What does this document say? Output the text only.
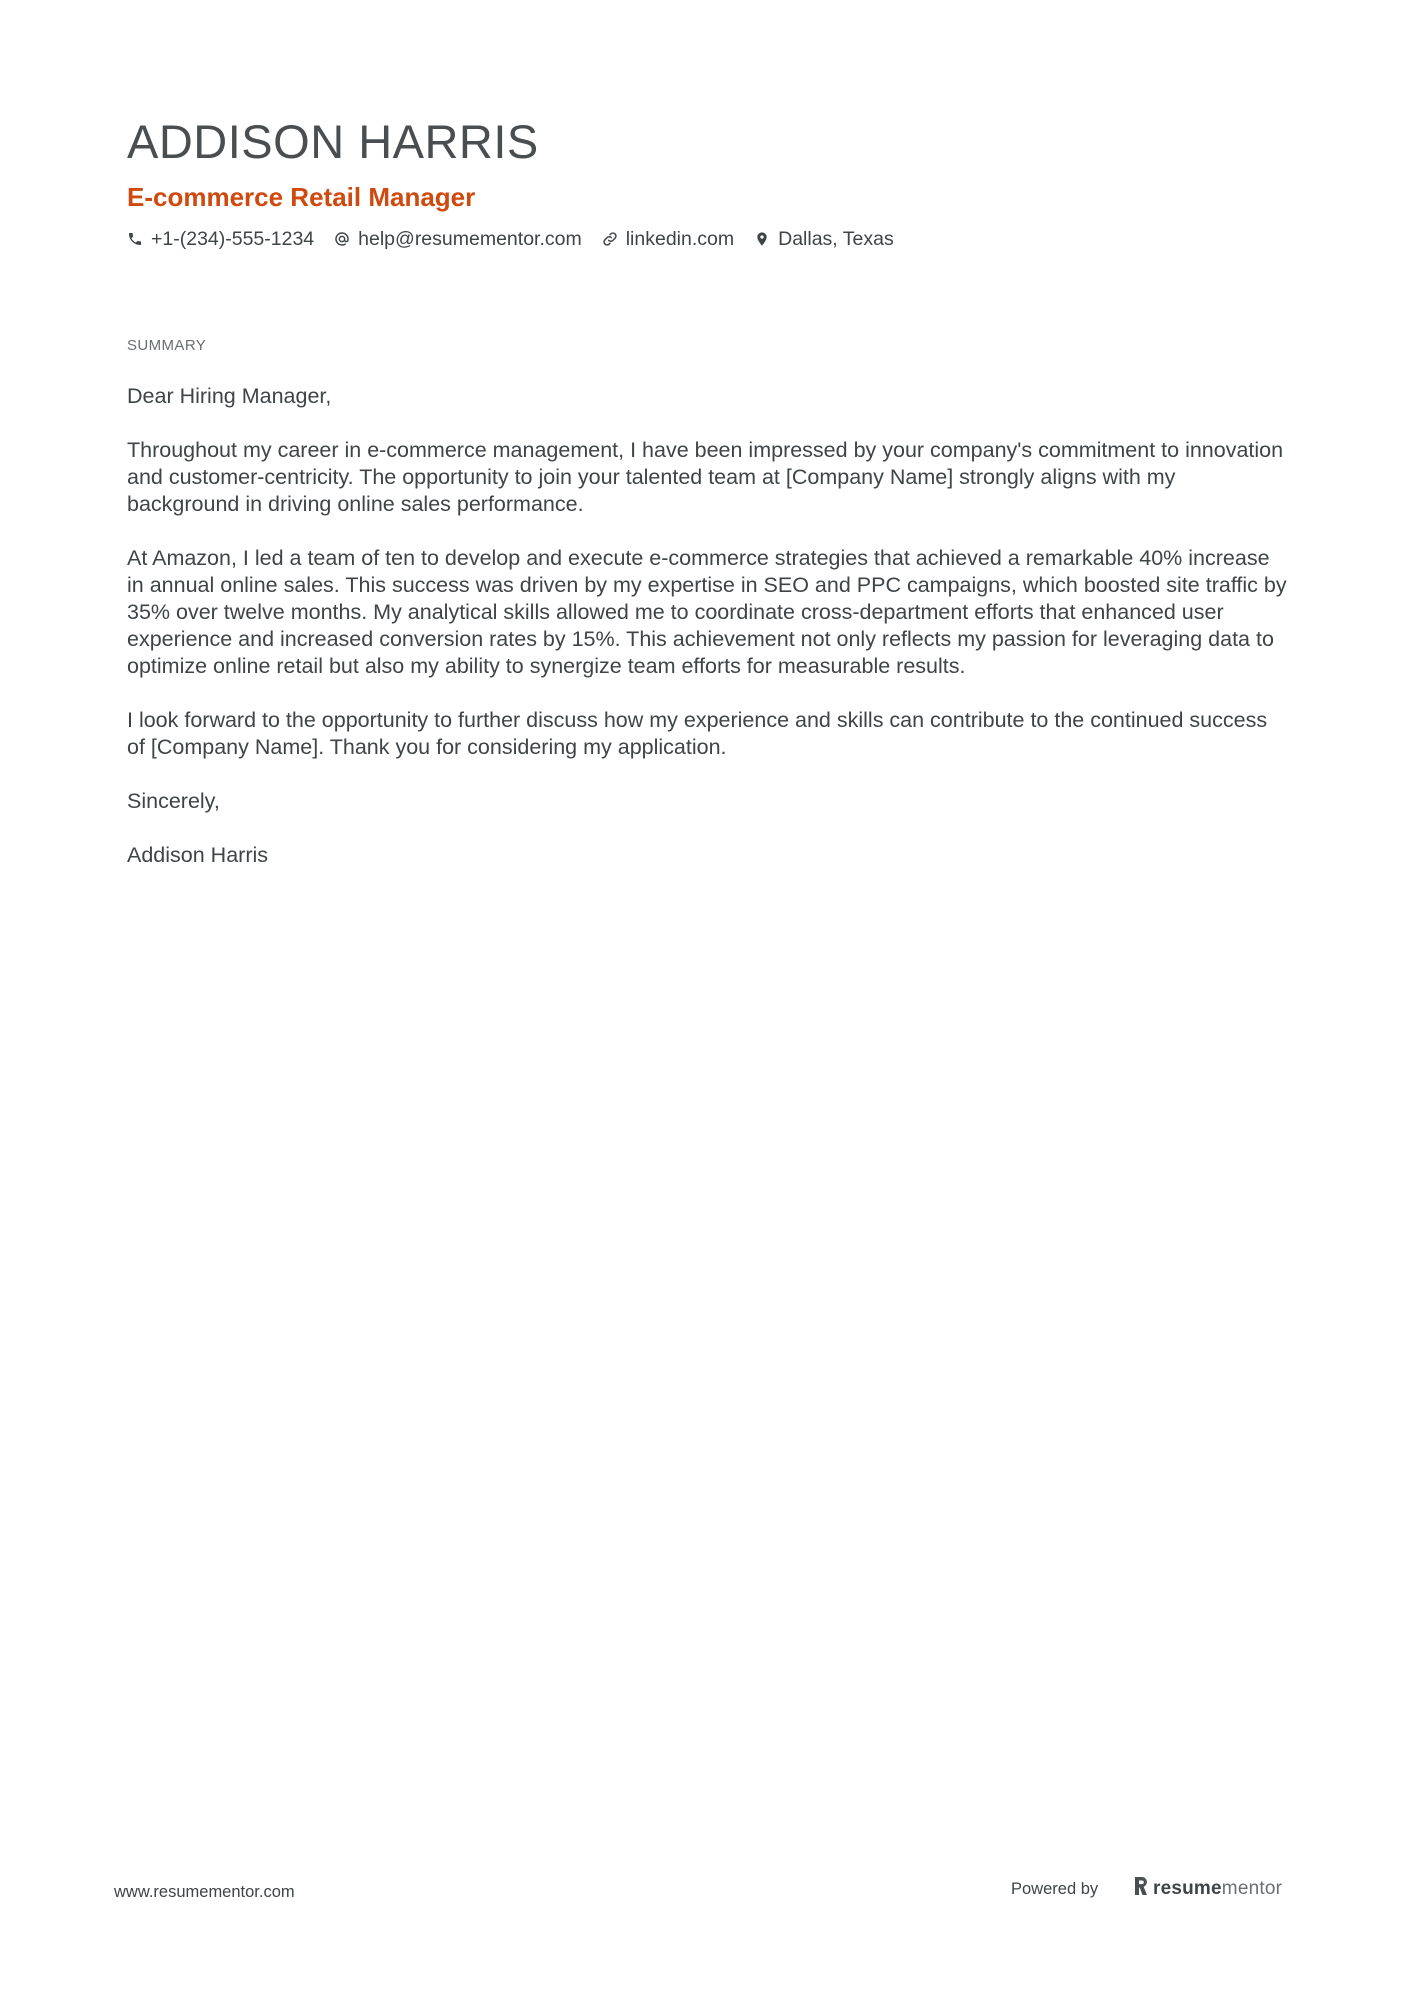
ADDISON HARRIS
E-commerce Retail Manager
+1-(234)-555-1234 help@resumementor.com linkedin.com Dallas, Texas
SUMMARY

Dear Hiring Manager,

Throughout my career in e-commerce management, I have been impressed by your company's commitment to innovation and customer-centricity. The opportunity to join your talented team at [Company Name] strongly aligns with my background in driving online sales performance.

At Amazon, I led a team of ten to develop and execute e-commerce strategies that achieved a remarkable 40% increase in annual online sales. This success was driven by my expertise in SEO and PPC campaigns, which boosted site traffic by 35% over twelve months. My analytical skills allowed me to coordinate cross-department efforts that enhanced user experience and increased conversion rates by 15%. This achievement not only reflects my passion for leveraging data to optimize online retail but also my ability to synergize team efforts for measurable results.

I look forward to the opportunity to further discuss how my experience and skills can contribute to the continued success of [Company Name]. Thank you for considering my application.

Sincerely,

Addison Harris

www.resumementor.com	Powered by	resume mentor
